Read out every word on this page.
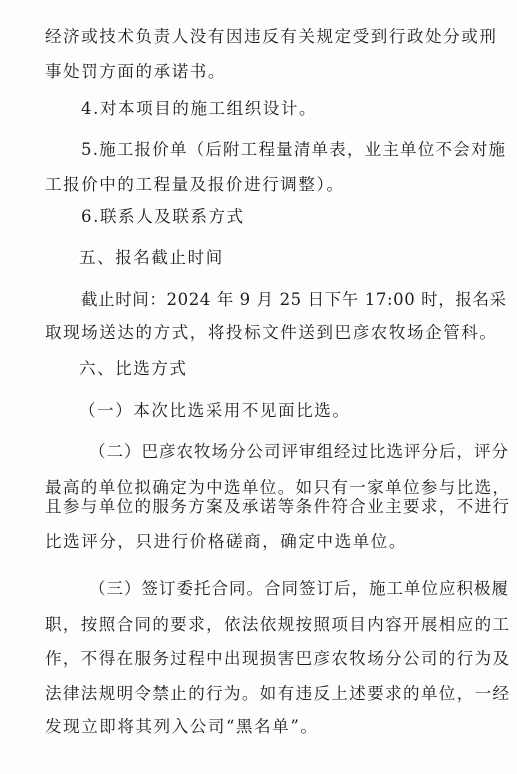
经济或技术负责人没有因违反有关规定受到行政处分或刑
事处罚方面的承诺书。
4.对本项目的施工组织设计。
5.施工报价单（后附工程量清单表，业主单位不会对施
工报价中的工程量及报价进行调整）。
6.联系人及联系方式
五、报名截止时间
截止时间：2024 年 9 月 25 日下午 17:00 时，报名采
取现场送达的方式，将投标文件送到巴彦农牧场企管科。
六、比选方式
（一）本次比选采用不见面比选。
（二）巴彦农牧场分公司评审组经过比选评分后，评分
最高的单位拟确定为中选单位。如只有一家单位参与比选，
且参与单位的服务方案及承诺等条件符合业主要求，不进行
比选评分，只进行价格磋商，确定中选单位。
（三）签订委托合同。合同签订后，施工单位应积极履
职，按照合同的要求，依法依规按照项目内容开展相应的工
作，不得在服务过程中出现损害巴彦农牧场分公司的行为及
法律法规明令禁止的行为。如有违反上述要求的单位，一经
发现立即将其列入公司“黑名单”。
